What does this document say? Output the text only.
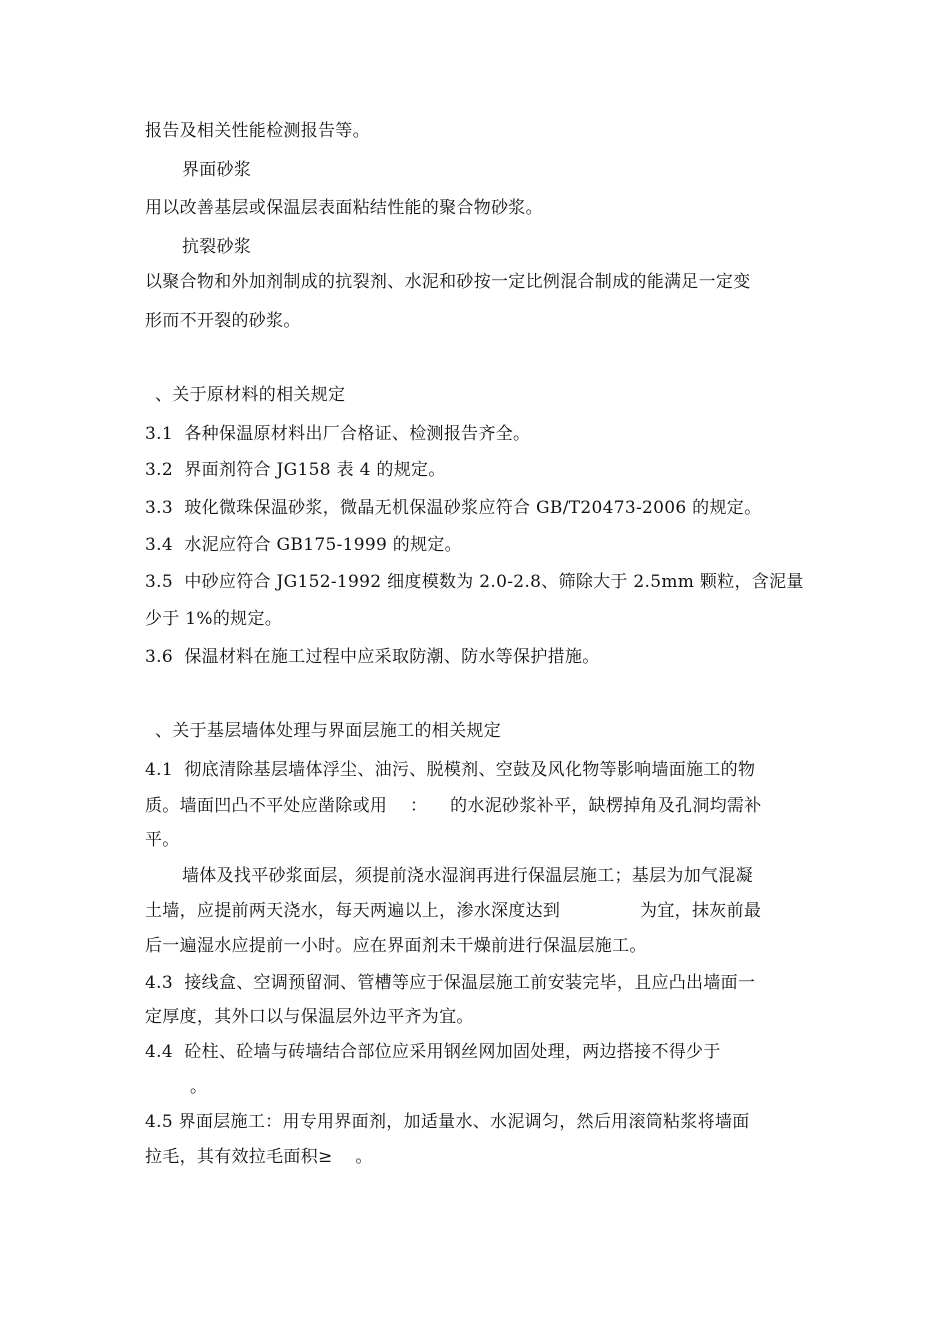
报告及相关性能检测报告等。
界面砂浆
用以改善基层或保温层表面粘结性能的聚合物砂浆。
抗裂砂浆
以聚合物和外加剂制成的抗裂剂、水泥和砂按一定比例混合制成的能满足一定变
形而不开裂的砂浆。
、关于原材料的相关规定
3.1  各种保温原材料出厂合格证、检测报告齐全。
3.2  界面剂符合 JG158 表 4 的规定。
3.3  玻化微珠保温砂浆，微晶无机保温砂浆应符合 GB/T20473-2006 的规定。
3.4  水泥应符合 GB175-1999 的规定。
3.5  中砂应符合 JG152-1992 细度模数为 2.0-2.8、筛除大于 2.5mm 颗粒，含泥量
少于 1%的规定。
3.6  保温材料在施工过程中应采取防潮、防水等保护措施。
、关于基层墙体处理与界面层施工的相关规定
4.1  彻底清除基层墙体浮尘、油污、脱模剂、空鼓及风化物等影响墙面施工的物
质。墙面凹凸不平处应凿除或用    ：    的水泥砂浆补平，缺楞掉角及孔洞均需补
平。
墙体及找平砂浆面层，须提前浇水湿润再进行保温层施工；基层为加气混凝
土墙，应提前两天浇水，每天两遍以上，渗水深度达到              为宜，抹灰前最
后一遍湿水应提前一小时。应在界面剂未干燥前进行保温层施工。
4.3  接线盒、空调预留洞、管槽等应于保温层施工前安装完毕，且应凸出墙面一
定厚度，其外口以与保温层外边平齐为宜。
4.4  砼柱、砼墙与砖墙结合部位应采用钢丝网加固处理，两边搭接不得少于
。
4.5 界面层施工：用专用界面剂，加适量水、水泥调匀，然后用滚筒粘浆将墙面
拉毛，其有效拉毛面积≥    。
